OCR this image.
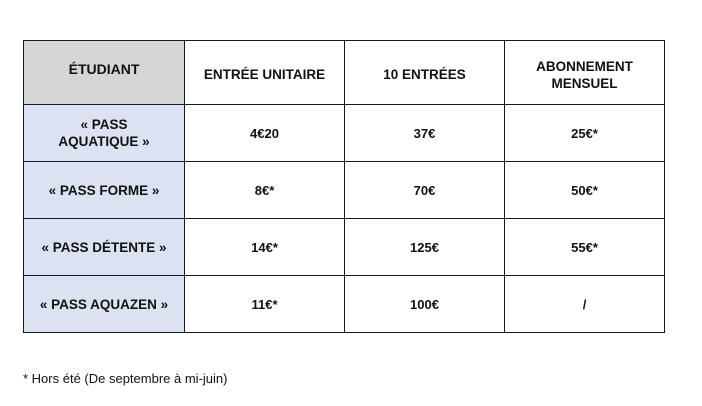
ÉTUDIANT	ENTRÉE UNITAIRE	10 ENTRÉES	ABONNEMENT MENSUEL
« PASS AQUATIQUE »	4€20	37€	25€*
« PASS FORME »	8€*	70€	50€*
« PASS DÉTENTE »	14€*	125€	55€*
« PASS AQUAZEN »	11€*	100€	/
* Hors été (De septembre à mi-juin)
